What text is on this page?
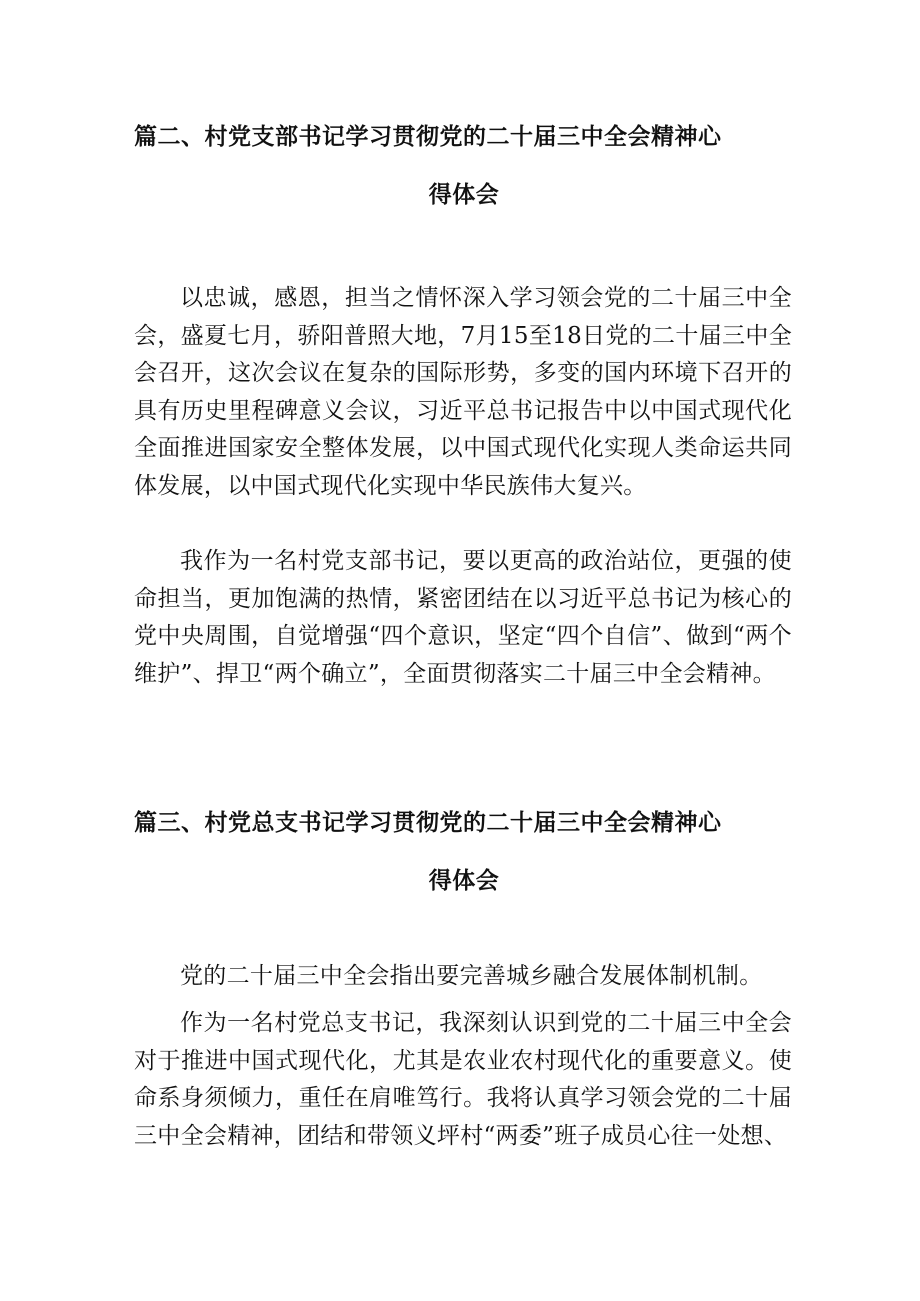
篇二、村党支部书记学习贯彻党的二十届三中全会精神心
得体会

以忠诚，感恩，担当之情怀深入学习领会党的二十届三中全会，盛夏七月，骄阳普照大地，7月15至18日党的二十届三中全会召开，这次会议在复杂的国际形势，多变的国内环境下召开的具有历史里程碑意义会议，习近平总书记报告中以中国式现代化全面推进国家安全整体发展，以中国式现代化实现人类命运共同体发展，以中国式现代化实现中华民族伟大复兴。

我作为一名村党支部书记，要以更高的政治站位，更强的使命担当，更加饱满的热情，紧密团结在以习近平总书记为核心的党中央周围，自觉增强“四个意识，坚定“四个自信”、做到“两个维护”、捍卫“两个确立”，全面贯彻落实二十届三中全会精神。

篇三、村党总支书记学习贯彻党的二十届三中全会精神心
得体会

党的二十届三中全会指出要完善城乡融合发展体制机制。

作为一名村党总支书记，我深刻认识到党的二十届三中全会对于推进中国式现代化，尤其是农业农村现代化的重要意义。使命系身须倾力，重任在肩唯笃行。我将认真学习领会党的二十届三中全会精神，团结和带领义坪村“两委”班子成员心往一处想、
